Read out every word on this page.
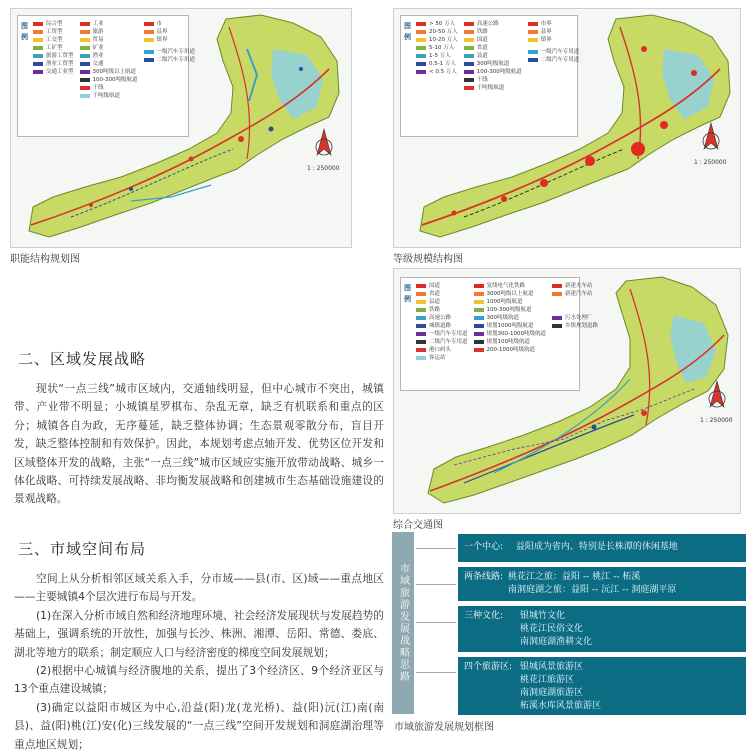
图例
综合型
工贸型
工交型
工矿型
旅游工贸型
渔业工贸型
交通工业型
工业
旅游
贸易
矿业
渔业
交通
300吨级以上航道
100-300吨级航道
干线
千吨级航道
市
县界
镇界
一级汽车专用道
二级汽车专用道
1 : 250000
职能结构规划图
图例
> 50 万人
20-50 万人
10-20 万人
5-10 万人
1-5 万人
0.5-1 万人
< 0.5 万人
高速公路
铁路
国道
省道
县道
300吨级航道
100-300吨级航道
干线
千吨级航道
市界
县界
镇界
一级汽车专用道
二级汽车专用道
1 : 250000
等级规模结构图
图例
国道
省道
县道
铁路
高速公路
城镇道路
一级汽车专用道
二级汽车专用道
港口码头
客运站
复线电气化铁路
3000吨级以上航道
1000吨级航道
100-300吨级航道
300吨级航道
规划1000吨级航道
规划300-1000吨级航道
规划100吨级航道
200-1000吨级航道
新建火车站
新建汽车站
污水处理厂
乡镇规划道路
1 : 250000
综合交通图
二、区域发展战略

现状“一点三线”城市区域内，交通轴线明显，但中心城市不突出，城镇带、产业带不明显；小城镇星罗棋布、杂乱无章，缺乏有机联系和重点的区分；城镇各自为政，无序蔓延，缺乏整体协调；生态景观零散分布，盲目开发，缺乏整体控制和有效保护。因此，本规划考虑点轴开发、优势区位开发和区域整体开发的战略，主张“一点三线”城市区域应实施开放带动战略、城乡一体化战略、可持续发展战略、非均衡发展战略和创建城市生态基础设施建设的景观战略。

三、市域空间布局

空间上从分析相邻区域关系入手，分市域——县(市、区)域——重点地区——主要城镇4个层次进行布局与开发。

(1)在深入分析市域自然和经济地理环境、社会经济发展现状与发展趋势的基础上，强调系统的开放性，加强与长沙、株洲、湘潭、岳阳、常德、娄底、湖北等地方的联系；制定顺应人口与经济密度的梯度空间发展规划；

(2)根据中心城镇与经济腹地的关系，提出了3个经济区、9个经济亚区与13个重点建设城镇；

(3)确定以益阳市城区为中心,沿益(阳)龙(龙光桥)、益(阳)沅(江)南(南县)、益(阳)桃(江)安(化)三线发展的“一点三线”空间开发规划和洞庭湖治理等重点地区规划；

市域旅游发展战略思路
一个中心: 益阳成为省内、特别是长株潭的休闲基地
两条线路: 桃花江之旅：益阳 -- 桃江 -- 柘溪
南洞庭湖之旅：益阳 -- 沅江 -- 洞庭湖平原
三种文化:	银城竹文化
桃花江民俗文化
南洞庭湖渔耕文化
四个旅游区: 银城风景旅游区
桃花江旅游区
南洞庭湖旅游区
柘溪水库风景旅游区
市域旅游发展规划框图
